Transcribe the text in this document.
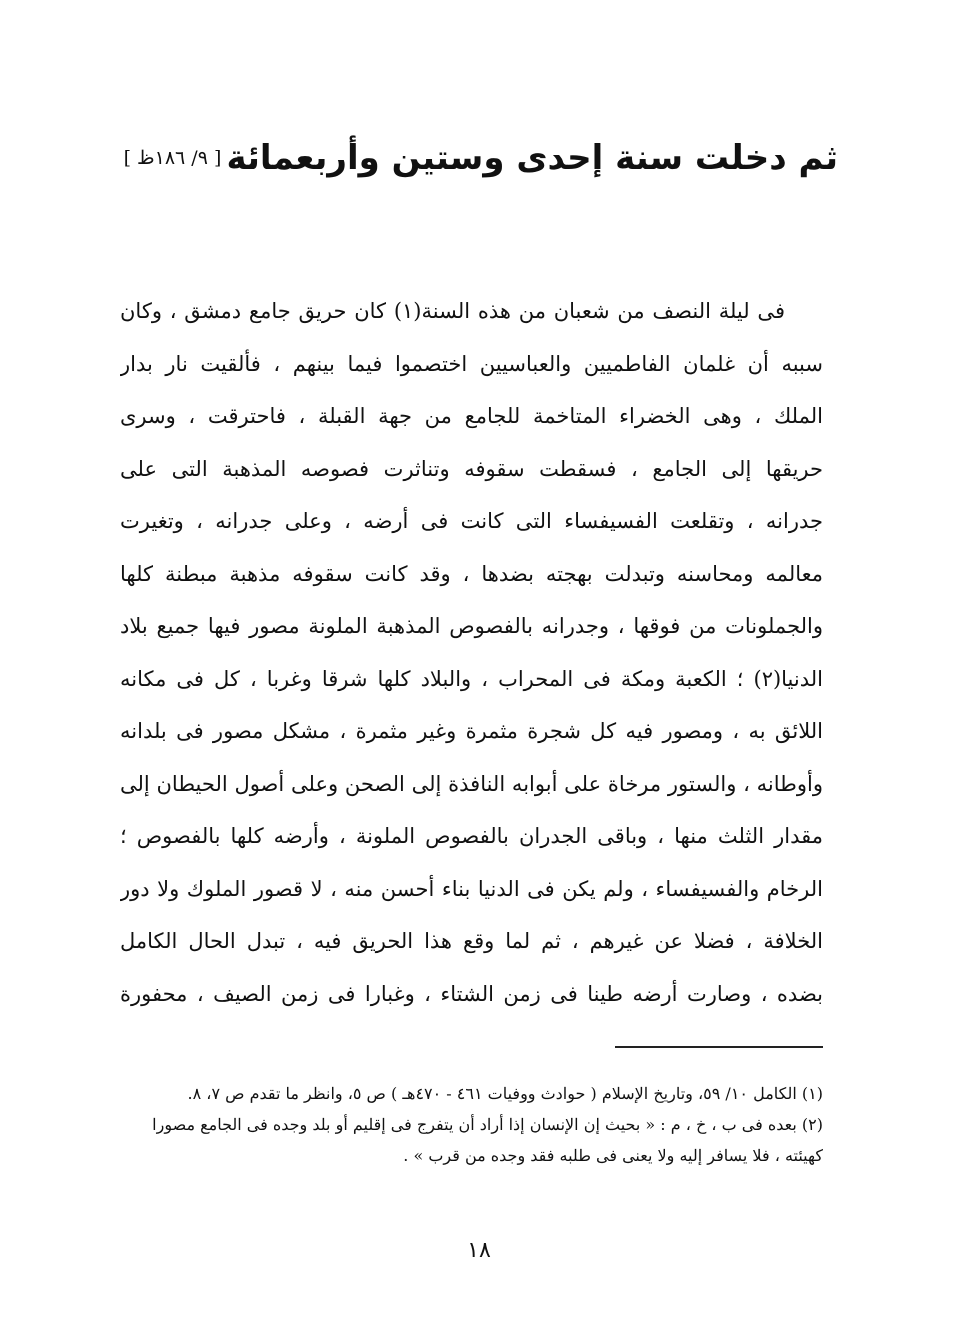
ثم دخلت سنة إحدى وستين وأربعمائة [ ٩/ ١٨٦ظ ]
فى ليلة النصف من شعبان من هذه السنة(١) كان حريق جامع دمشق ، وكان
سببه أن غلمان الفاطميين والعباسيين اختصموا فيما بينهم ، فألقيت نار بدار
الملك ، وهى الخضراء المتاخمة للجامع من جهة القبلة ، فاحترقت ، وسرى
حريقها إلى الجامع ، فسقطت سقوفه وتناثرت فصوصه المذهبة التى على
جدرانه ، وتقلعت الفسيفساء التى كانت فى أرضه ، وعلى جدرانه ، وتغيرت
معالمه ومحاسنه وتبدلت بهجته بضدها ، وقد كانت سقوفه مذهبة مبطنة كلها
والجملونات من فوقها ، وجدرانه بالفصوص المذهبة الملونة مصور فيها جميع بلاد
الدنيا(٢) ؛ الكعبة ومكة فى المحراب ، والبلاد كلها شرقا وغربا ، كل فى مكانه
اللائق به ، ومصور فيه كل شجرة مثمرة وغير مثمرة ، مشكل مصور فى بلدانه
وأوطانه ، والستور مرخاة على أبوابه النافذة إلى الصحن وعلى أصول الحيطان إلى
مقدار الثلث منها ، وباقى الجدران بالفصوص الملونة ، وأرضه كلها بالفصوص ؛
الرخام والفسيفساء ، ولم يكن فى الدنيا بناء أحسن منه ، لا قصور الملوك ولا دور
الخلافة ، فضلا عن غيرهم ، ثم لما وقع هذا الحريق فيه ، تبدل الحال الكامل
بضده ، وصارت أرضه طينا فى زمن الشتاء ، وغبارا فى زمن الصيف ، محفورة
(١) الكامل ١٠/ ٥٩، وتاريخ الإسلام ( حوادث ووفيات ٤٦١ - ٤٧٠هـ ) ص ٥، وانظر ما تقدم ص ٧، ٨.
(٢) بعده فى ب ، خ ، م : « بحيث إن الإنسان إذا أراد أن يتفرج فى إقليم أو بلد وجده فى الجامع مصورا
كهيئته ، فلا يسافر إليه ولا يعنى فى طلبه فقد وجده من قرب » .
١٨
